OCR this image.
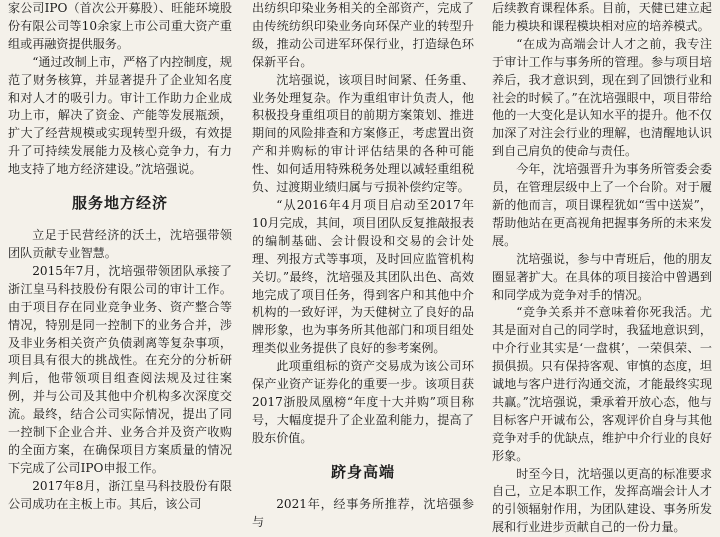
家公司IPO（首次公开募股）、旺能环境股份有限公司等10余家上市公司重大资产重组或再融资提供服务。

“通过改制上市，严格了内控制度，规范了财务核算，并显著提升了企业知名度和对人才的吸引力。审计工作助力企业成功上市，解决了资金、产能等发展瓶颈，扩大了经营规模或实现转型升级，有效提升了可持续发展能力及核心竞争力，有力地支持了地方经济建设。”沈培强说。

服务地方经济

立足于民营经济的沃土，沈培强带领团队贡献专业智慧。

2015年7月，沈培强带领团队承接了浙江皇马科技股份有限公司的审计工作。由于项目存在同业竞争业务、资产整合等情况，特别是同一控制下的业务合并，涉及非业务相关资产负债剥离等复杂事项，项目具有很大的挑战性。在充分的分析研判后，他带领项目组查阅法规及过往案例，并与公司及其他中介机构多次深度交流。最终，结合公司实际情况，提出了同一控制下企业合并、业务合并及资产收购的全面方案，在确保项目方案质量的情况下完成了公司IPO申报工作。

2017年8月，浙江皇马科技股份有限公司成功在主板上市。其后，该公司

出纺织印染业务相关的全部资产，完成了由传统纺织印染业务向环保产业的转型升级，推动公司进军环保行业，打造绿色环保新平台。

沈培强说，该项目时间紧、任务重、业务处理复杂。作为重组审计负责人，他积极投身重组项目的前期方案策划、推进期间的风险排查和方案修正，考虑置出资产和并购标的审计评估结果的各种可能性、如何适用特殊税务处理以减轻重组税负、过渡期业绩归属与亏损补偿约定等。

“从2016年4月项目启动至2017年10月完成，其间，项目团队反复推敲报表的编制基础、会计假设和交易的会计处理、列报方式等事项，及时回应监管机构关切。”最终，沈培强及其团队出色、高效地完成了项目任务，得到客户和其他中介机构的一致好评，为天健树立了良好的品牌形象，也为事务所其他部门和项目组处理类似业务提供了良好的参考案例。

此项重组标的资产交易成为该公司环保产业资产证券化的重要一步。该项目获2017浙股凤凰榜“年度十大并购”项目称号，大幅度提升了企业盈利能力，提高了股东价值。

跻身高端

2021年，经事务所推荐，沈培强参与

后续教育课程体系。目前，天健已建立起能力模块和课程模块相对应的培养模式。

“在成为高端会计人才之前，我专注于审计工作与事务所的管理。参与项目培养后，我才意识到，现在到了回馈行业和社会的时候了。”在沈培强眼中，项目带给他的一大变化是认知水平的提升。他不仅加深了对注会行业的理解，也清醒地认识到自己肩负的使命与责任。

今年，沈培强晋升为事务所管委会委员，在管理层级中上了一个台阶。对于履新的他而言，项目课程犹如“雪中送炭”，帮助他站在更高视角把握事务所的未来发展。

沈培强说，参与中青班后，他的朋友圈显著扩大。在具体的项目接洽中曾遇到和同学成为竞争对手的情况。

“竞争关系并不意味着你死我活。尤其是面对自己的同学时，我猛地意识到，中介行业其实是‘一盘棋’，一荣俱荣、一损俱损。只有保持客观、审慎的态度，坦诚地与客户进行沟通交流，才能最终实现共赢。”沈培强说，秉承着开放心态，他与目标客户开诚布公，客观评价自身与其他竞争对手的优缺点，维护中介行业的良好形象。

时至今日，沈培强以更高的标准要求自己，立足本职工作，发挥高端会计人才的引领辐射作用，为团队建设、事务所发展和行业进步贡献自己的一份力量。
